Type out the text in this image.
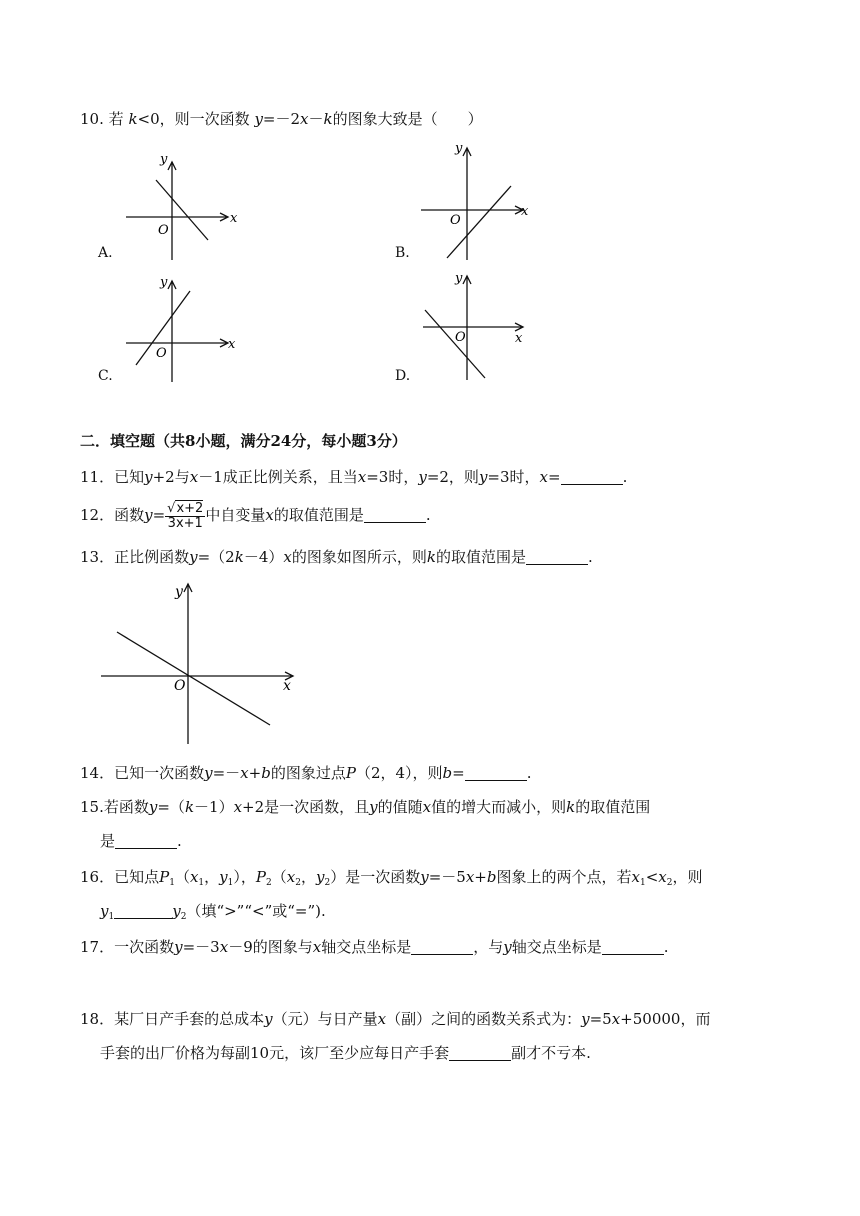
10. 若 k<0，则一次函数 y=－2x－k的图象大致是（　　）
A.
y
x
O
B.
y
x
O
C.
y
x
O
D.
y
x
O
二．填空题（共8小题，满分24分，每小题3分）
11．已知y+2与x－1成正比例关系，且当x=3时，y=2，则y=3时，x=	.
12．函数$y= \frac{√x+2}{3x+1}$ 中自变量x的取值范围是	.
13．正比例函数y=（2k－4）x的图象如图所示，则k的取值范围是	.
y
x
O
14．已知一次函数y=－x+b的图象过点P（2，4），则b=	.
15.若函数y=（k－1）x+2是一次函数，且y的值随x值的增大而减小，则k的取值范围
是	.
16．已知点$P_1(x_1$，$y_1$），$P_2(x_2$，$y_2$）是一次函数y=－5x+b图象上的两个点，若$x_1<x_2$，则
$y_1$	$y_2$（填“>”“<”或“=”).
17．一次函数y=－3x－9的图象与x轴交点坐标是	，与y轴交点坐标是	.
18．某厂日产手套的总成本y（元）与日产量x（副）之间的函数关系式为：y=5x+50000，而
手套的出厂价格为每副10元，该厂至少应每日产手套	副才不亏本.
